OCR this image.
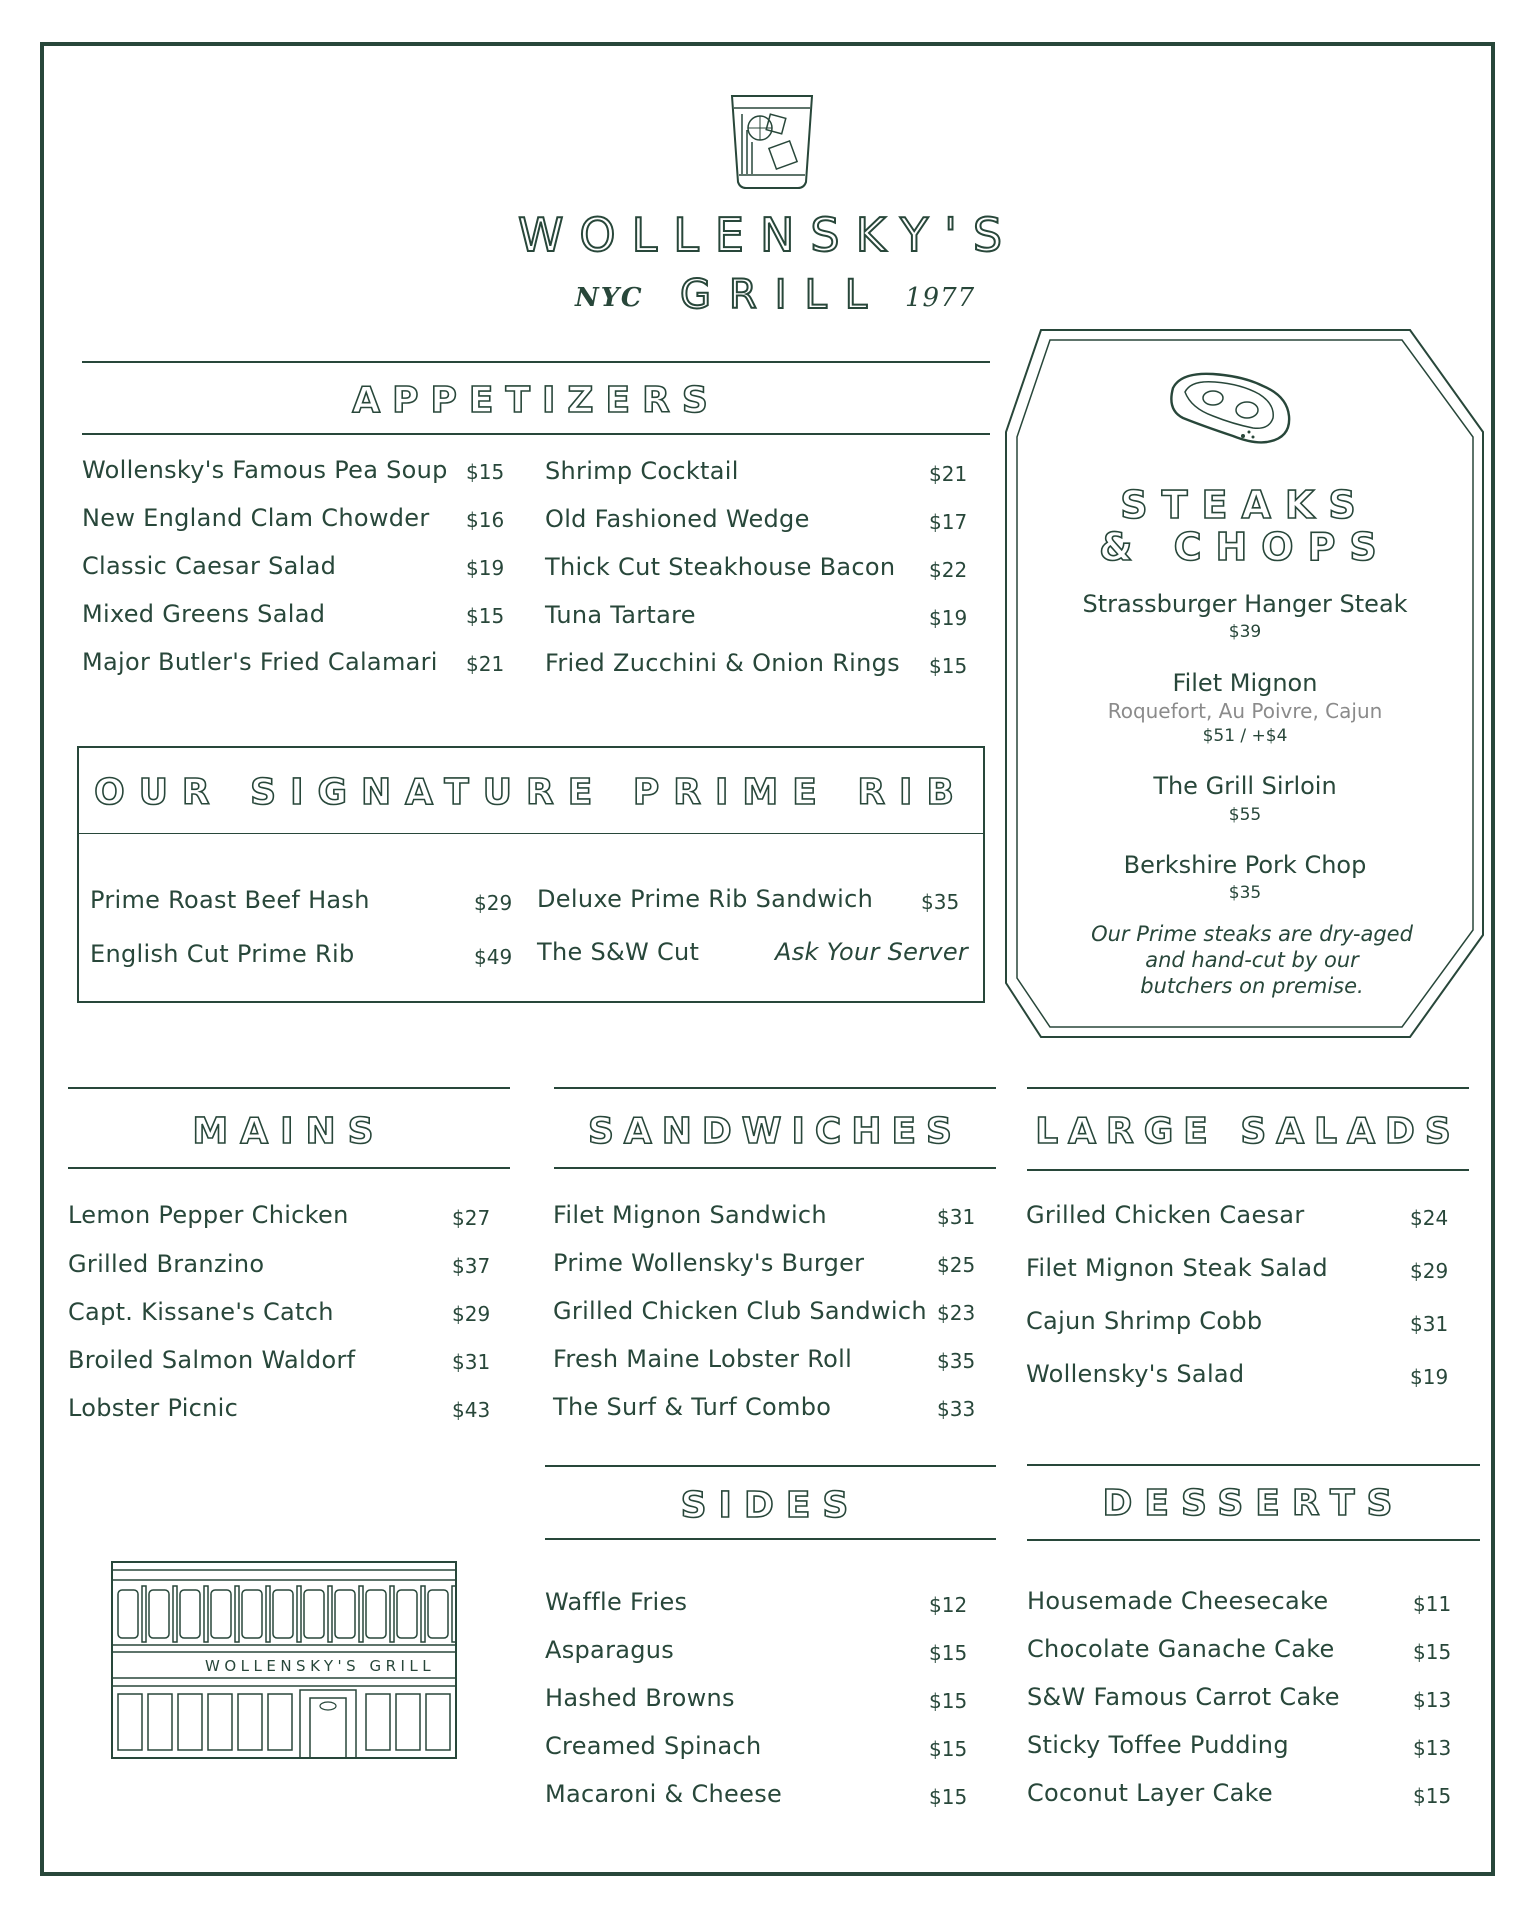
WOLLENSKY'S
NYC GRILL 1977
APPETIZERS
Wollensky's Famous Pea Soup $15
New England Clam Chowder $16
Classic Caesar Salad	$19
Mixed Greens Salad	$15
Major Butler's Fried Calamari $21
Shrimp Cocktail	$21
Old Fashioned Wedge	$17
Thick Cut Steakhouse Bacon $22
Tuna Tartare	$19
Fried Zucchini & Onion Rings $15
OUR SIGNATURE PRIME RIB
Prime Roast Beef Hash	$29
English Cut Prime Rib	$49
Deluxe Prime Rib Sandwich $35
The S&W Cut	Ask Your Server
STEAKS
& CHOPS
Strassburger Hanger Steak
$39
Filet Mignon
Roquefort, Au Poivre, Cajun
$51 / +$4
The Grill Sirloin
$55
Berkshire Pork Chop
$35
Our Prime steaks are dry-aged
and hand-cut by our
butchers on premise.
MAINS
Lemon Pepper Chicken	$27
Grilled Branzino	$37
Capt. Kissane's Catch	$29
Broiled Salmon Waldorf	$31
Lobster Picnic	$43
SANDWICHES
Filet Mignon Sandwich	$31
Prime Wollensky's Burger	$25
Grilled Chicken Club Sandwich $23
Fresh Maine Lobster Roll	$35
The Surf & Turf Combo	$33
LARGE SALADS
Grilled Chicken Caesar	$24
Filet Mignon Steak Salad	$29
Cajun Shrimp Cobb	$31
Wollensky's Salad	$19
SIDES
Waffle Fries	$12
Asparagus	$15
Hashed Browns	$15
Creamed Spinach	$15
Macaroni & Cheese	$15
DESSERTS
Housemade Cheesecake	$11
Chocolate Ganache Cake	$15
S&W Famous Carrot Cake	$13
Sticky Toffee Pudding	$13
Coconut Layer Cake	$15
WOLLENSKY'S GRILL
